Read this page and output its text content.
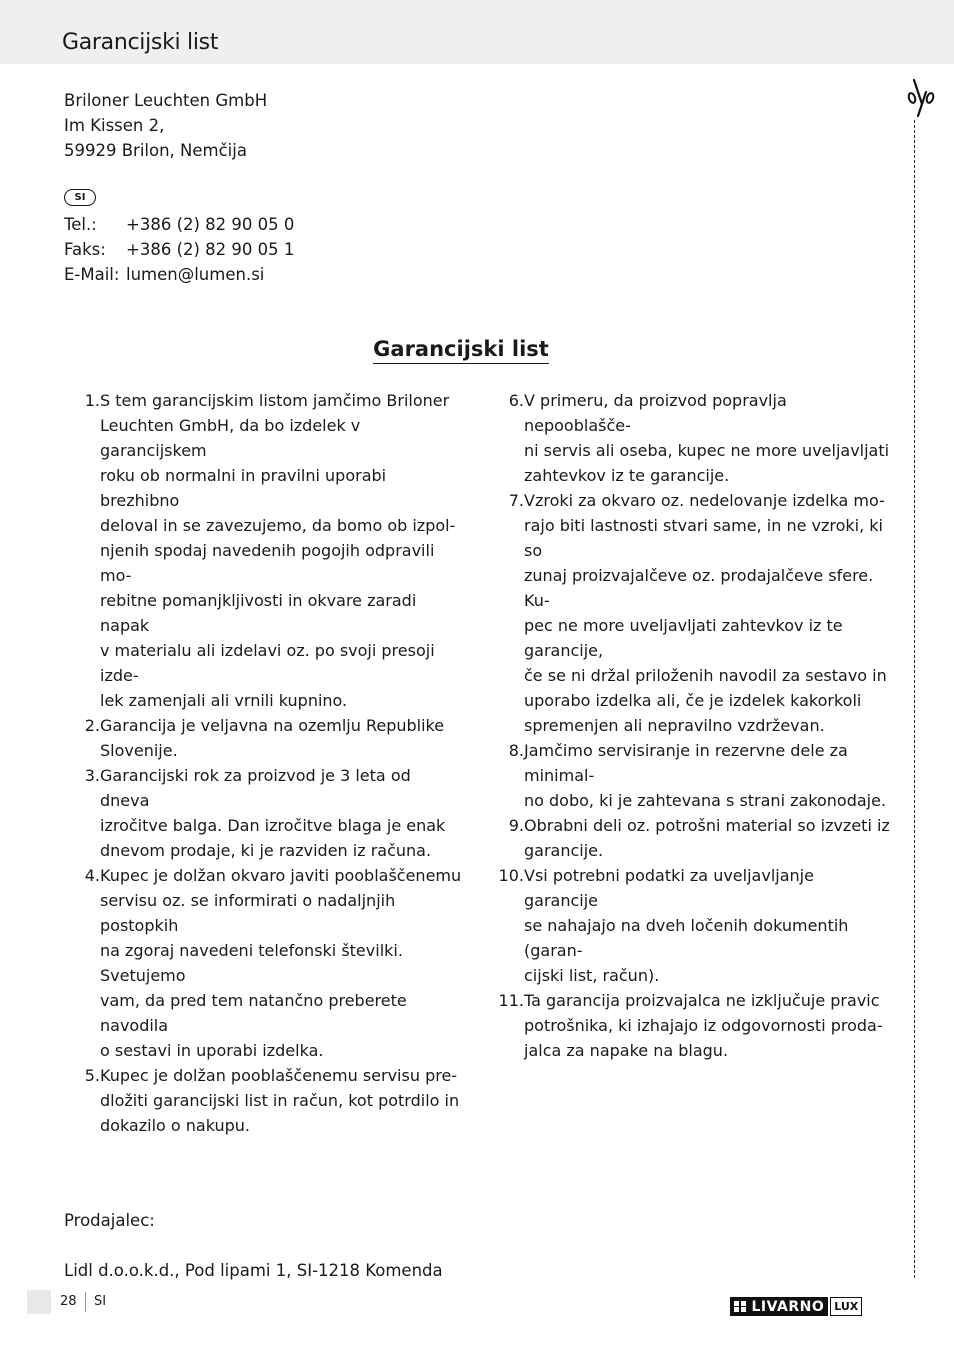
Garancijski list
Briloner Leuchten GmbH
Im Kissen 2,
59929 Brilon, Nemčija
SI
Tel.:	+386 (2) 82 90 05 0
Faks:	+386 (2) 82 90 05 1
E-Mail: lumen@lumen.si
Garancijski list
1. S tem garancijskim listom jamčimo Briloner
Leuchten GmbH, da bo izdelek v garancijskem
roku ob normalni in pravilni uporabi brezhibno
deloval in se zavezujemo, da bomo ob izpol-
njenih spodaj navedenih pogojih odpravili mo-
rebitne pomanjkljivosti in okvare zaradi napak
v materialu ali izdelavi oz. po svoji presoji izde-
lek zamenjali ali vrnili kupnino.
2. Garancija je veljavna na ozemlju Republike
Slovenije.
3. Garancijski rok za proizvod je 3 leta od dneva
izročitve balga. Dan izročitve blaga je enak
dnevom prodaje, ki je razviden iz računa.
4. Kupec je dolžan okvaro javiti pooblaščenemu
servisu oz. se informirati o nadaljnjih postopkih
na zgoraj navedeni telefonski številki. Svetujemo
vam, da pred tem natančno preberete navodila
o sestavi in uporabi izdelka.
5. Kupec je dolžan pooblaščenemu servisu pre-
dložiti garancijski list in račun, kot potrdilo in
dokazilo o nakupu.
6. V primeru, da proizvod popravlja nepooblašče-
ni servis ali oseba, kupec ne more uveljavljati
zahtevkov iz te garancije.
7. Vzroki za okvaro oz. nedelovanje izdelka mo-
rajo biti lastnosti stvari same, in ne vzroki, ki so
zunaj proizvajalčeve oz. prodajalčeve sfere. Ku-
pec ne more uveljavljati zahtevkov iz te garancije,
če se ni držal priloženih navodil za sestavo in
uporabo izdelka ali, če je izdelek kakorkoli
spremenjen ali nepravilno vzdrževan.
8. Jamčimo servisiranje in rezervne dele za minimal-
no dobo, ki je zahtevana s strani zakonodaje.
9. Obrabni deli oz. potrošni material so izvzeti iz
garancije.
10. Vsi potrebni podatki za uveljavljanje garancije
se nahajajo na dveh ločenih dokumentih (garan-
cijski list, račun).
11. Ta garancija proizvajalca ne izključuje pravic
potrošnika, ki izhajajo iz odgovornosti proda-
jalca za napake na blagu.
Prodajalec:
Lidl d.o.o.k.d., Pod lipami 1, SI-1218 Komenda
28 SI	LIVARNO LUX
